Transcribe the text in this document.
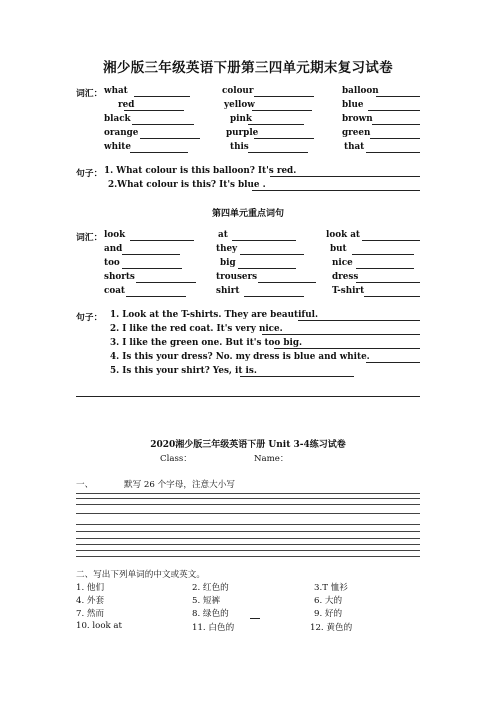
湘少版三年级英语下册第三四单元期末复习试卷
词汇： what	colour	balloon
red	yellow	blue
black	pink	brown
orange	purple	green
white	this	that
句子： 1. What colour is this balloon? It's red.
2.What colour is this? It's blue .
第四单元重点词句
词汇： look	at	look at
and	they	but
too	big	nice
shorts	trousers	dress
coat	shirt	T-shirt
句子： 1. Look at the T-shirts. They are beautiful.
2. I like the red coat. It's very nice.
3. I like the green one. But it's too big.
4. Is this your dress? No. my dress is blue and white.
5. Is this your shirt? Yes, it is.
2020湘少版三年级英语下册 Unit 3-4练习试卷
Class：	Name：
一、	默写 26 个字母，注意大小写
二、写出下列单词的中文或英文。
1. 他们	2. 红色的	3.T 恤衫
4. 外套	5. 短裤	6. 大的
7. 然而	8. 绿色的	9. 好的
10. look at	11. 白色的	12. 黄色的
